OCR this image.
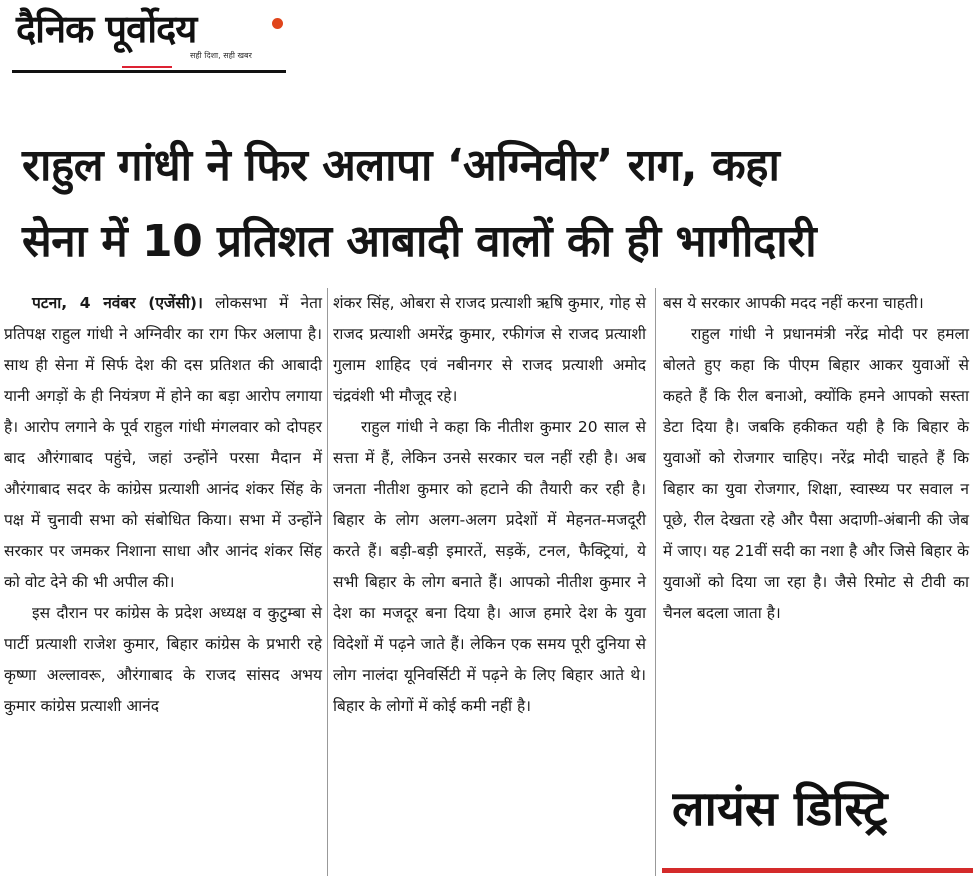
दैनिक पूर्वोदय
सही दिशा, सही खबर
राहुल गांधी ने फिर अलापा ‘अग्निवीर’ राग, कहा
सेना में 10 प्रतिशत आबादी वालों की ही भागीदारी

पटना, 4 नवंबर (एजेंसी)। लोकसभा में नेता प्रतिपक्ष राहुल गांधी ने अग्निवीर का राग फिर अलापा है। साथ ही सेना में सिर्फ देश की दस प्रतिशत की आबादी यानी अगड़ों के ही नियंत्रण में होने का बड़ा आरोप लगाया है। आरोप लगाने के पूर्व राहुल गांधी मंगलवार को दोपहर बाद औरंगाबाद पहुंचे, जहां उन्होंने परसा मैदान में औरंगाबाद सदर के कांग्रेस प्रत्याशी आनंद शंकर सिंह के पक्ष में चुनावी सभा को संबोधित किया। सभा में उन्होंने सरकार पर जमकर निशाना साधा और आनंद शंकर सिंह को वोट देने की भी अपील की।

इस दौरान पर कांग्रेस के प्रदेश अध्यक्ष व कुटुम्बा से पार्टी प्रत्याशी राजेश कुमार, बिहार कांग्रेस के प्रभारी रहे कृष्णा अल्लावरू, औरंगाबाद के राजद सांसद अभय कुमार कांग्रेस प्रत्याशी आनंद

शंकर सिंह, ओबरा से राजद प्रत्याशी ऋषि कुमार, गोह से राजद प्रत्याशी अमरेंद्र कुमार, रफीगंज से राजद प्रत्याशी गुलाम शाहिद एवं नबीनगर से राजद प्रत्याशी अमोद चंद्रवंशी भी मौजूद रहे।

राहुल गांधी ने कहा कि नीतीश कुमार 20 साल से सत्ता में हैं, लेकिन उनसे सरकार चल नहीं रही है। अब जनता नीतीश कुमार को हटाने की तैयारी कर रही है। बिहार के लोग अलग-अलग प्रदेशों में मेहनत-मजदूरी करते हैं। बड़ी-बड़ी इमारतें, सड़कें, टनल, फैक्ट्रियां, ये सभी बिहार के लोग बनाते हैं। आपको नीतीश कुमार ने देश का मजदूर बना दिया है। आज हमारे देश के युवा विदेशों में पढ़ने जाते हैं। लेकिन एक समय पूरी दुनिया से लोग नालंदा यूनिवर्सिटी में पढ़ने के लिए बिहार आते थे। बिहार के लोगों में कोई कमी नहीं है।

बस ये सरकार आपकी मदद नहीं करना चाहती।

राहुल गांधी ने प्रधानमंत्री नरेंद्र मोदी पर हमला बोलते हुए कहा कि पीएम बिहार आकर युवाओं से कहते हैं कि रील बनाओ, क्योंकि हमने आपको सस्ता डेटा दिया है। जबकि हकीकत यही है कि बिहार के युवाओं को रोजगार चाहिए। नरेंद्र मोदी चाहते हैं कि बिहार का युवा रोजगार, शिक्षा, स्वास्थ्य पर सवाल न पूछे, रील देखता रहे और पैसा अदाणी-अंबानी की जेब में जाए। यह 21वीं सदी का नशा है और जिसे बिहार के युवाओं को दिया जा रहा है। जैसे रिमोट से टीवी का चैनल बदला जाता है।

लायंस डिस्ट्रि
